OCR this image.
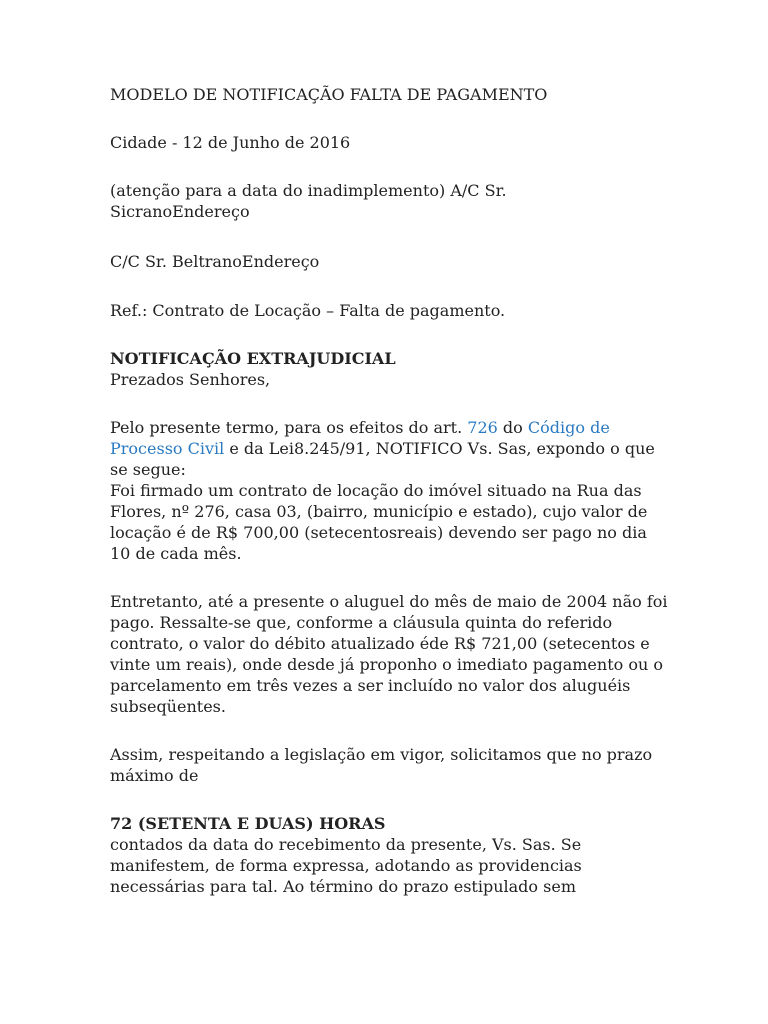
MODELO DE NOTIFICAÇÃO FALTA DE PAGAMENTO

Cidade - 12 de Junho de 2016

(atenção para a data do inadimplemento) A/C Sr.

SicranoEndereço

C/C Sr. BeltranoEndereço

Ref.: Contrato de Locação – Falta de pagamento.

NOTIFICAÇÃO EXTRAJUDICIAL

Prezados Senhores,

Pelo presente termo, para os efeitos do art. 726 do Código de Processo Civil e da Lei8.245/91, NOTIFICO Vs. Sas, expondo o que se segue:

Foi firmado um contrato de locação do imóvel situado na Rua das Flores, nº 276, casa 03, (bairro, município e estado), cujo valor de locação é de R$ 700,00 (setecentosreais) devendo ser pago no dia 10 de cada mês.

Entretanto, até a presente o aluguel do mês de maio de 2004 não foi pago. Ressalte-se que, conforme a cláusula quinta do referido contrato, o valor do débito atualizado éde R$ 721,00 (setecentos e vinte um reais), onde desde já proponho o imediato pagamento ou o parcelamento em três vezes a ser incluído no valor dos aluguéis subseqüentes.

Assim, respeitando a legislação em vigor, solicitamos que no prazo máximo de

72 (SETENTA E DUAS) HORAS

contados da data do recebimento da presente, Vs. Sas. Se manifestem, de forma expressa, adotando as providencias necessárias para tal. Ao término do prazo estipulado sem
